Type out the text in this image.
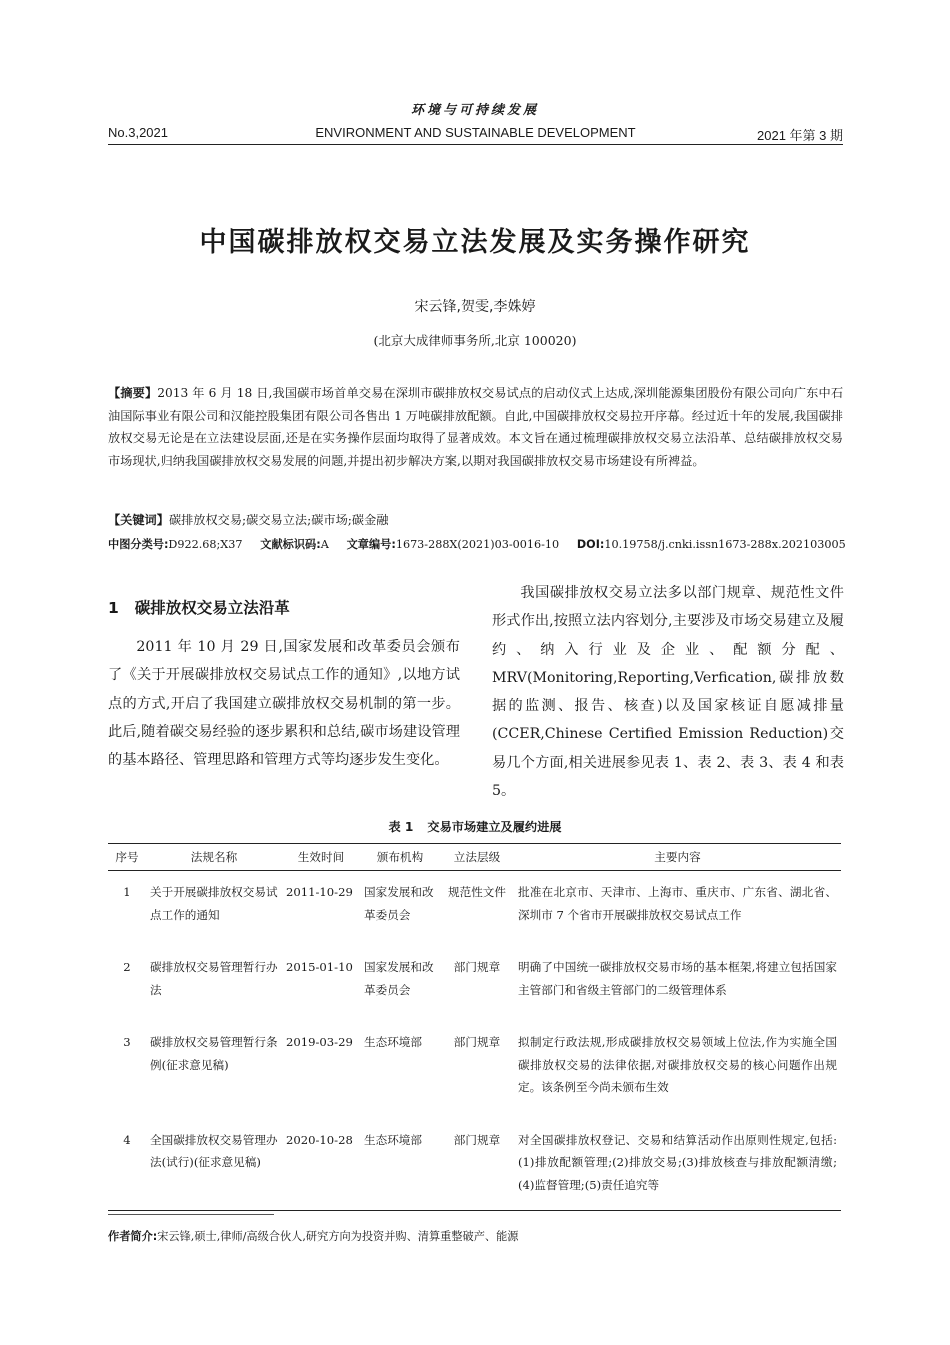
环境与可持续发展
No.3,2021	ENVIRONMENT AND SUSTAINABLE DEVELOPMENT	2021 年第 3 期
中国碳排放权交易立法发展及实务操作研究
宋云锋,贺雯,李姝婷
(北京大成律师事务所,北京 100020)
【摘要】2013 年 6 月 18 日,我国碳市场首单交易在深圳市碳排放权交易试点的启动仪式上达成,深圳能源集团股份有限公司向广东中石油国际事业有限公司和汉能控股集团有限公司各售出 1 万吨碳排放配额。自此,中国碳排放权交易拉开序幕。经过近十年的发展,我国碳排放权交易无论是在立法建设层面,还是在实务操作层面均取得了显著成效。本文旨在通过梳理碳排放权交易立法沿革、总结碳排放权交易市场现状,归纳我国碳排放权交易发展的问题,并提出初步解决方案,以期对我国碳排放权交易市场建设有所裨益。
【关键词】碳排放权交易;碳交易立法;碳市场;碳金融
中图分类号:D922.68;X37 文献标识码:A 文章编号:1673-288X(2021)03-0016-10 DOI:10.19758/j.cnki.issn1673-288x.202103005
1 碳排放权交易立法沿革
2011 年 10 月 29 日,国家发展和改革委员会颁布了《关于开展碳排放权交易试点工作的通知》,以地方试点的方式,开启了我国建立碳排放权交易机制的第一步。此后,随着碳交易经验的逐步累积和总结,碳市场建设管理的基本路径、管理思路和管理方式等均逐步发生变化。
我国碳排放权交易立法多以部门规章、规范性文件形式作出,按照立法内容划分,主要涉及市场交易建立及履约、纳入行业及企业、配额分配、MRV(Monitoring,Reporting,Verfication,碳排放数据的监测、报告、核查)以及国家核证自愿减排量(CCER,Chinese Certified Emission Reduction)交易几个方面,相关进展参见表 1、表 2、表 3、表 4 和表 5。
表 1 交易市场建立及履约进展
序号	法规名称	生效时间	颁布机构	立法层级	主要内容
1	关于开展碳排放权交易试点工作的通知	2011-10-29	国家发展和改革委员会	规范性文件	批准在北京市、天津市、上海市、重庆市、广东省、湖北省、深圳市 7 个省市开展碳排放权交易试点工作
2	碳排放权交易管理暂行办法	2015-01-10	国家发展和改革委员会	部门规章	明确了中国统一碳排放权交易市场的基本框架,将建立包括国家主管部门和省级主管部门的二级管理体系
3	碳排放权交易管理暂行条例(征求意见稿)	2019-03-29	生态环境部	部门规章	拟制定行政法规,形成碳排放权交易领域上位法,作为实施全国碳排放权交易的法律依据,对碳排放权交易的核心问题作出规定。该条例至今尚未颁布生效
4	全国碳排放权交易管理办法(试行)(征求意见稿)	2020-10-28	生态环境部	部门规章	对全国碳排放权登记、交易和结算活动作出原则性规定,包括:(1)排放配额管理;(2)排放交易;(3)排放核查与排放配额清缴;(4)监督管理;(5)责任追究等
作者简介:宋云锋,硕士,律师/高级合伙人,研究方向为投资并购、清算重整破产、能源
